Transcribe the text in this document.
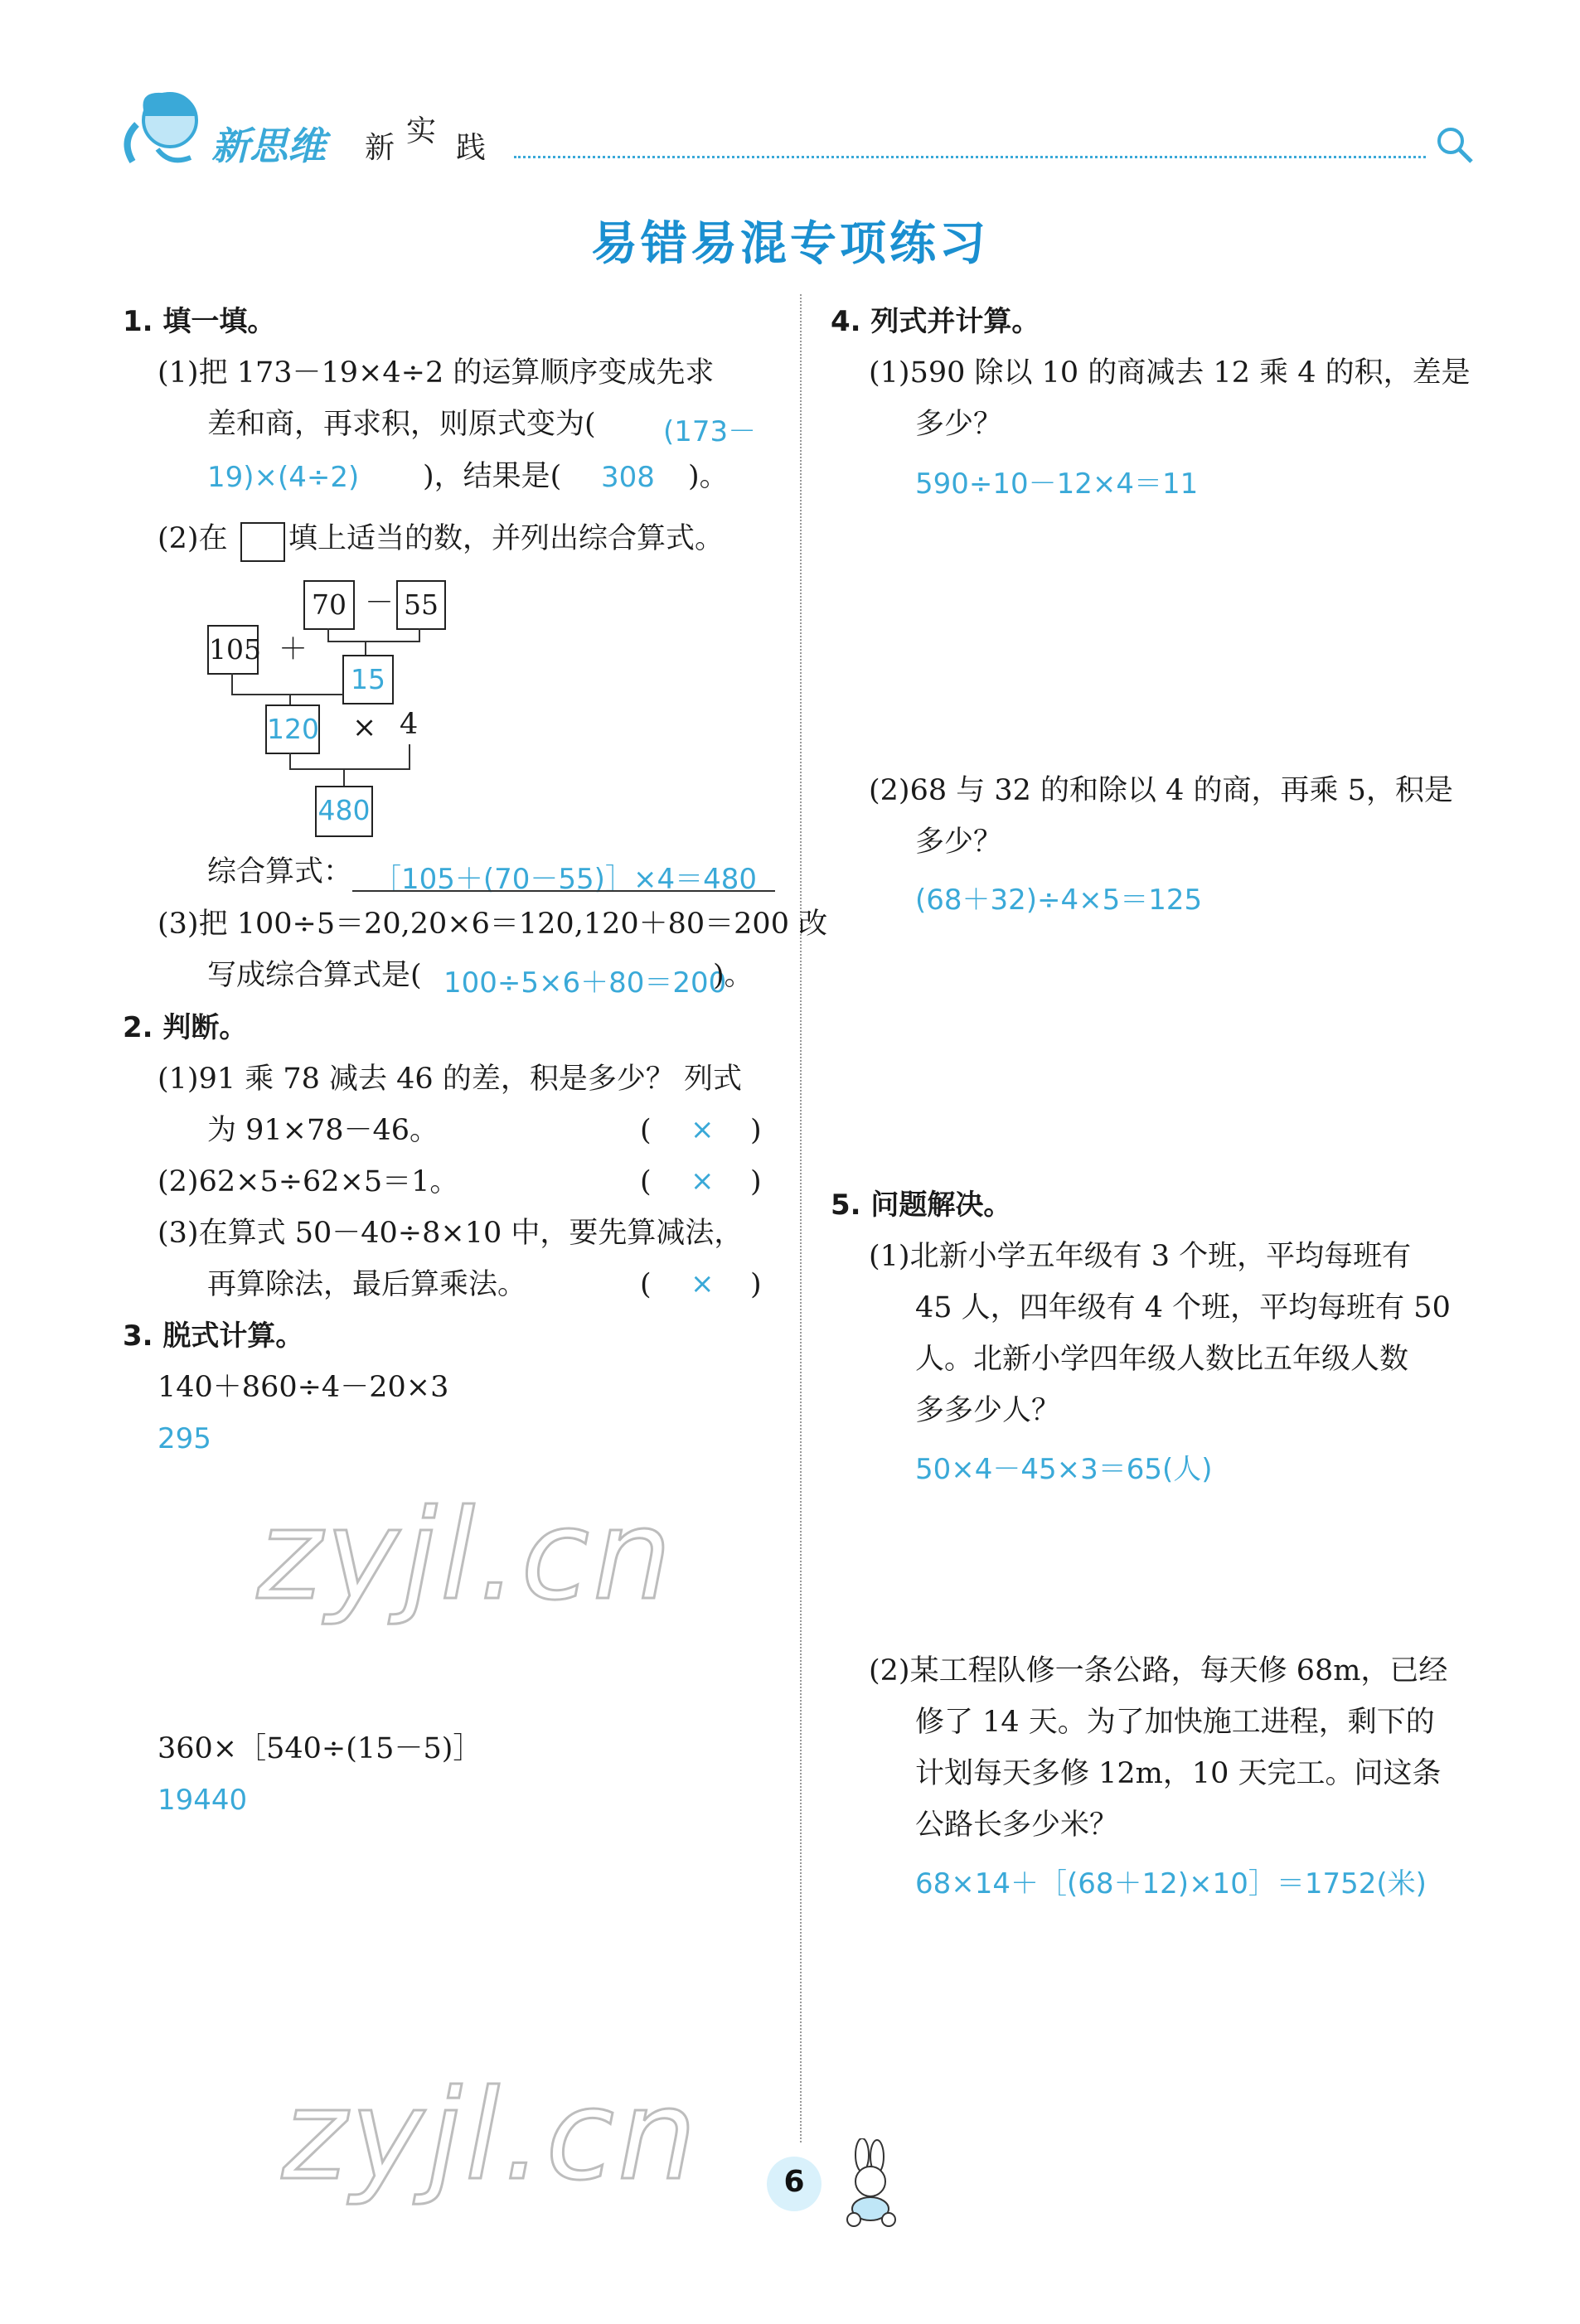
新思维 新 实 践
易错易混专项练习
zyjl.cn
zyjl.cn
1. 填一填。
(1)把 173－19×4÷2 的运算顺序变成先求
差和商，再求积，则原式变为( (173－
19)×(4÷2) )，结果是( 308 )。
(2)在 填上适当的数，并列出综合算式。
70 － 55
105 ＋
15
120 × 4
480
综合算式： ［105＋(70－55)］×4＝480
(3)把 100÷5＝20,20×6＝120,120＋80＝200 改
写成综合算式是( 100÷5×6＋80＝200
)。
2. 判断。
(1)91 乘 78 减去 46 的差，积是多少？ 列式
为 91×78－46。	( × )
(2)62×5÷62×5＝1。	( × )
(3)在算式 50－40÷8×10 中，要先算减法，
再算除法，最后算乘法。	( × )
3. 脱式计算。
140＋860÷4－20×3
295
360×［540÷(15－5)］
19440
4. 列式并计算。
(1)590 除以 10 的商减去 12 乘 4 的积，差是
多少？
590÷10－12×4＝11
(2)68 与 32 的和除以 4 的商，再乘 5，积是
多少？
(68＋32)÷4×5＝125
5. 问题解决。
(1)北新小学五年级有 3 个班，平均每班有
45 人，四年级有 4 个班，平均每班有 50
人。北新小学四年级人数比五年级人数
多多少人？
50×4－45×3＝65(人)
(2)某工程队修一条公路，每天修 68m，已经
修了 14 天。为了加快施工进程，剩下的
计划每天多修 12m，10 天完工。问这条
公路长多少米？
68×14＋［(68＋12)×10］＝1752(米)
6
